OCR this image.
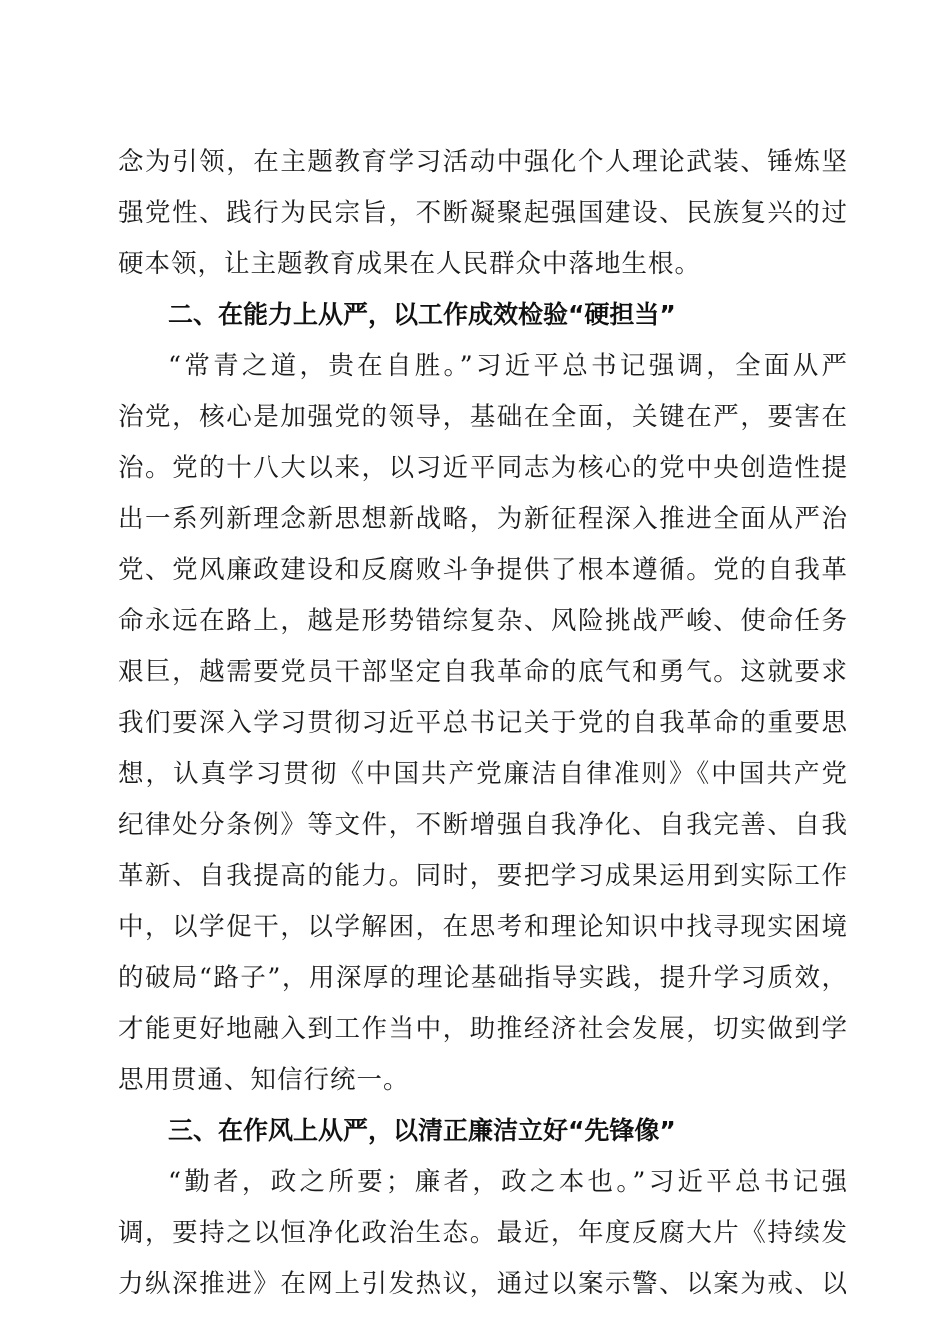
念为引领，在主题教育学习活动中强化个人理论武装、锤炼坚
强党性、践行为民宗旨，不断凝聚起强国建设、民族复兴的过
硬本领，让主题教育成果在人民群众中落地生根。
二、在能力上从严，以工作成效检验“硬担当”
“常青之道，贵在自胜。”习近平总书记强调，全面从严
治党，核心是加强党的领导，基础在全面，关键在严，要害在
治。党的十八大以来，以习近平同志为核心的党中央创造性提
出一系列新理念新思想新战略，为新征程深入推进全面从严治
党、党风廉政建设和反腐败斗争提供了根本遵循。党的自我革
命永远在路上，越是形势错综复杂、风险挑战严峻、使命任务
艰巨，越需要党员干部坚定自我革命的底气和勇气。这就要求
我们要深入学习贯彻习近平总书记关于党的自我革命的重要思
想，认真学习贯彻《中国共产党廉洁自律准则》《中国共产党
纪律处分条例》等文件，不断增强自我净化、自我完善、自我
革新、自我提高的能力。同时，要把学习成果运用到实际工作
中，以学促干，以学解困，在思考和理论知识中找寻现实困境
的破局“路子”，用深厚的理论基础指导实践，提升学习质效，
才能更好地融入到工作当中，助推经济社会发展，切实做到学
思用贯通、知信行统一。
三、在作风上从严，以清正廉洁立好“先锋像”
“勤者，政之所要；廉者，政之本也。”习近平总书记强
调，要持之以恒净化政治生态。最近，年度反腐大片《持续发
力纵深推进》在网上引发热议，通过以案示警、以案为戒、以
